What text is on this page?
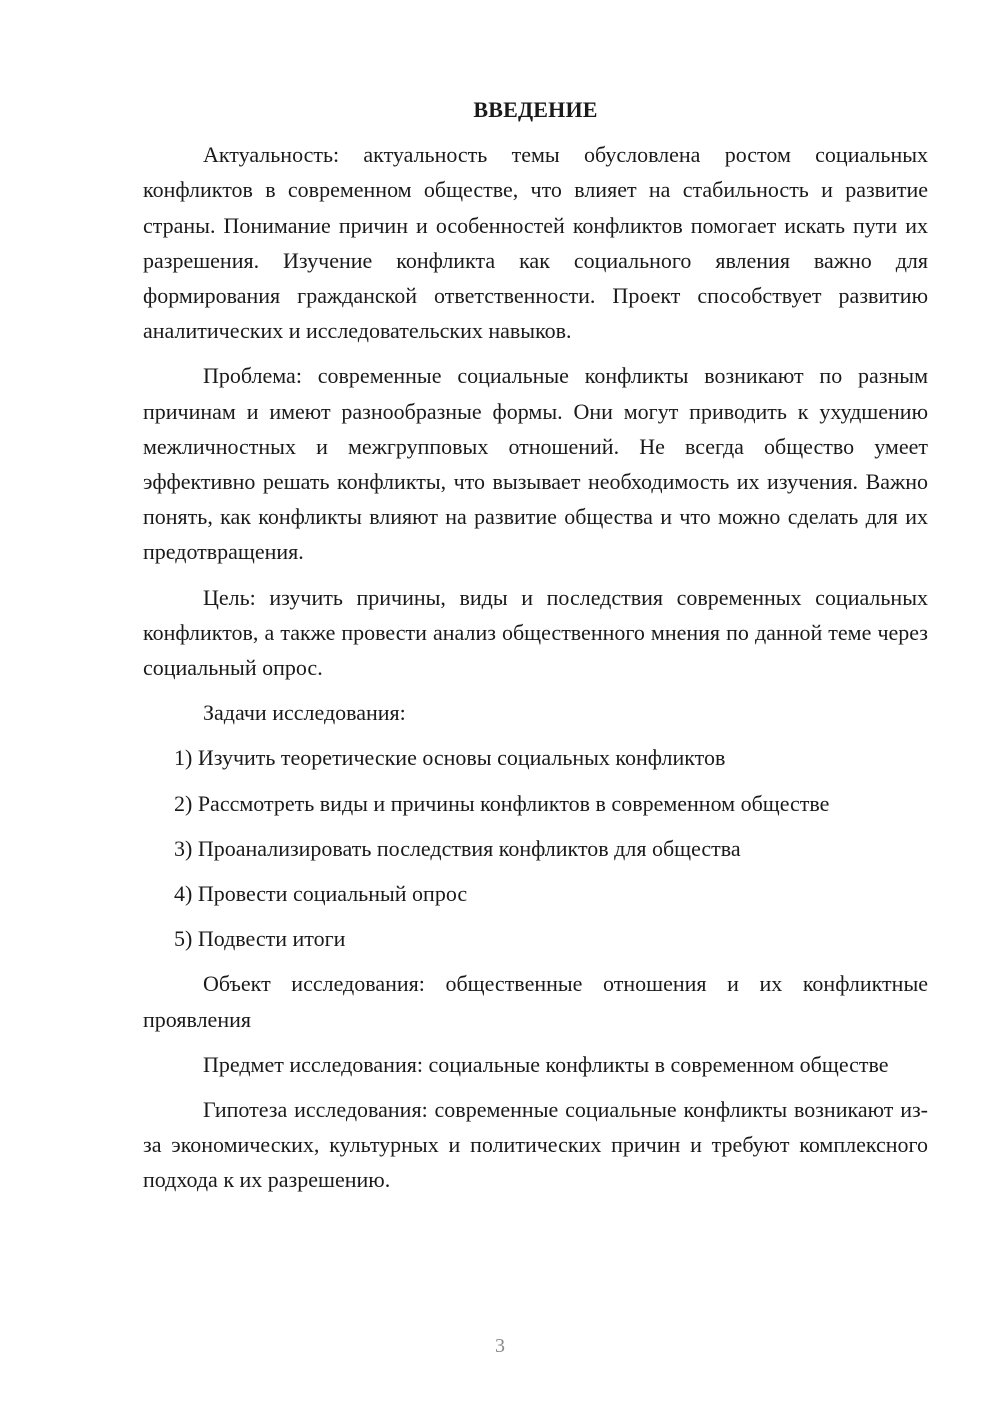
ВВЕДЕНИЕ

Актуальность: актуальность темы обусловлена ростом социальных конфликтов в современном обществе, что влияет на стабильность и развитие страны. Понимание причин и особенностей конфликтов помогает искать пути их разрешения. Изучение конфликта как социального явления важно для формирования гражданской ответственности. Проект способствует развитию аналитических и исследовательских навыков.

Проблема: современные социальные конфликты возникают по разным причинам и имеют разнообразные формы. Они могут приводить к ухудшению межличностных и межгрупповых отношений. Не всегда общество умеет эффективно решать конфликты, что вызывает необходимость их изучения. Важно понять, как конфликты влияют на развитие общества и что можно сделать для их предотвращения.

Цель: изучить причины, виды и последствия современных социальных конфликтов, а также провести анализ общественного мнения по данной теме через социальный опрос.

Задачи исследования:

1) Изучить теоретические основы социальных конфликтов
2) Рассмотреть виды и причины конфликтов в современном обществе
3) Проанализировать последствия конфликтов для общества
4) Провести социальный опрос
5) Подвести итоги

Объект исследования: общественные отношения и их конфликтные проявления

Предмет исследования: социальные конфликты в современном обществе

Гипотеза исследования: современные социальные конфликты возникают из-за экономических, культурных и политических причин и требуют комплексного подхода к их разрешению.

3
